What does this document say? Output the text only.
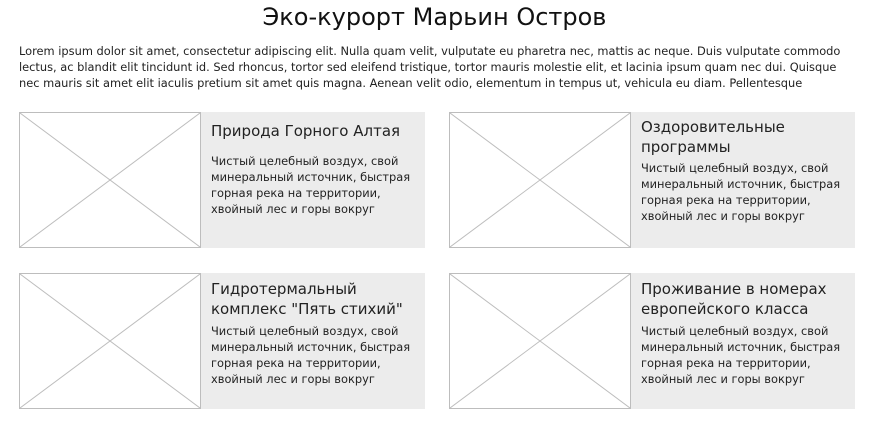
Эко-курорт Марьин Остров

Lorem ipsum dolor sit amet, consectetur adipiscing elit. Nulla quam velit, vulputate eu pharetra nec, mattis ac neque. Duis vulputate commodo lectus, ac blandit elit tincidunt id. Sed rhoncus, tortor sed eleifend tristique, tortor mauris molestie elit, et lacinia ipsum quam nec dui. Quisque nec mauris sit amet elit iaculis pretium sit amet quis magna. Aenean velit odio, elementum in tempus ut, vehicula eu diam. Pellentesque

Природа Горного Алтая

Чистый целебный воздух, свой минеральный источник, быстрая горная река на территории, хвойный лес и горы вокруг

Оздоровительные программы

Чистый целебный воздух, свой минеральный источник, быстрая горная река на территории, хвойный лес и горы вокруг

Гидротермальный комплекс "Пять стихий"

Чистый целебный воздух, свой минеральный источник, быстрая горная река на территории, хвойный лес и горы вокруг

Проживание в номерах европейского класса

Чистый целебный воздух, свой минеральный источник, быстрая горная река на территории, хвойный лес и горы вокруг
